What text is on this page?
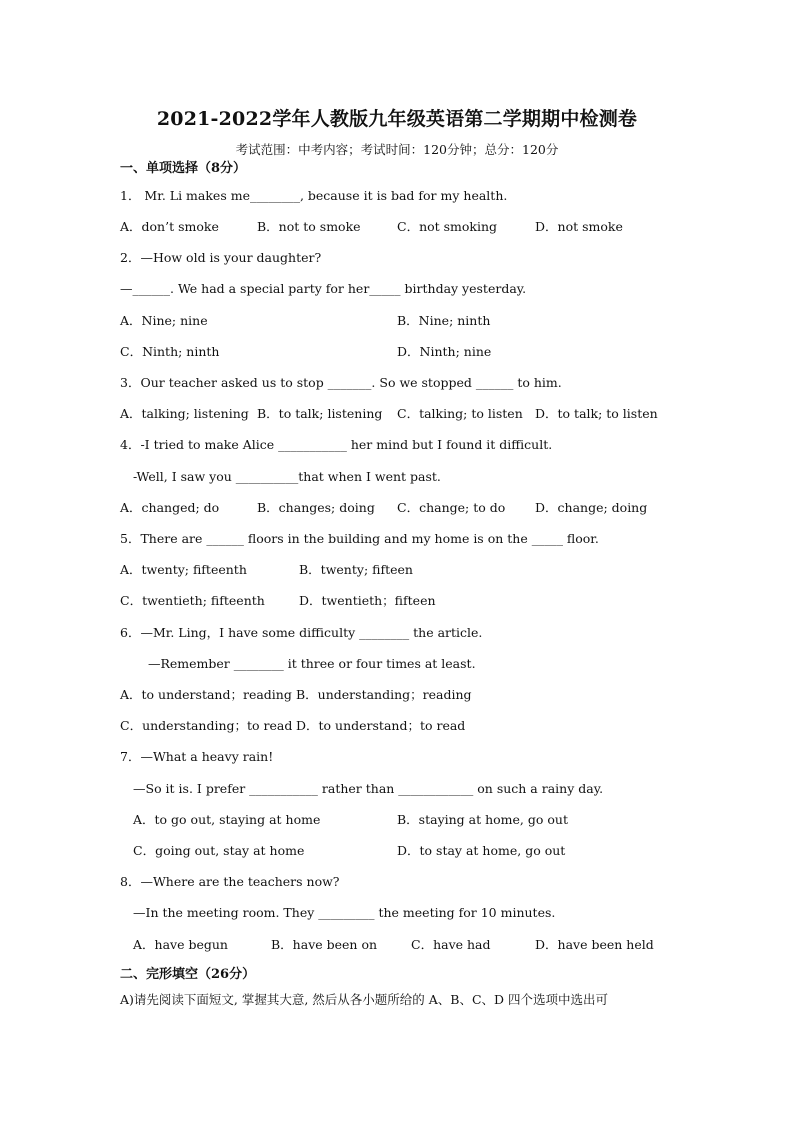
2021-2022学年人教版九年级英语第二学期期中检测卷
考试范围：中考内容；考试时间：120分钟；总分：120分
一、单项选择（8分）
1． Mr. Li makes me________, because it is bad for my health.
A．don’t smoke	B．not to smoke	C．not smoking	D．not smoke
2．—How old is your daughter?
—______. We had a special party for her_____ birthday yesterday.
A．Nine; nine	B．Nine; ninth
C．Ninth; ninth	D．Ninth; nine
3．Our teacher asked us to stop _______. So we stopped ______ to him.
A．talking; listening B．to talk; listening C．talking; to listen D．to talk; to listen
4．-I tried to make Alice ___________ her mind but I found it difficult.
-Well, I saw you __________that when I went past.
A．changed; do	B．changes; doing C．change; to do D．change; doing
5．There are ______ floors in the building and my home is on the _____ floor.
A．twenty; fifteenth	B．twenty; fifteen
C．twentieth; fifteenth	D．twentieth；fifteen
6．—Mr. Ling，I have some difficulty ________ the article.
—Remember ________ it three or four times at least.
A．to understand；reading B．understanding；reading
C．understanding；to read D．to understand；to read
7．—What a heavy rain!
—So it is. I prefer ___________ rather than ____________ on such a rainy day.
A．to go out, staying at home	B．staying at home, go out
C．going out, stay at home	D．to stay at home, go out
8．—Where are the teachers now?
—In the meeting room. They _________ the meeting for 10 minutes.
A．have begun	B．have been on	C．have had	D．have been held
二、完形填空（26分）
A)请先阅读下面短文, 掌握其大意, 然后从各小题所给的 A、B、C、D 四个选项中选出可
